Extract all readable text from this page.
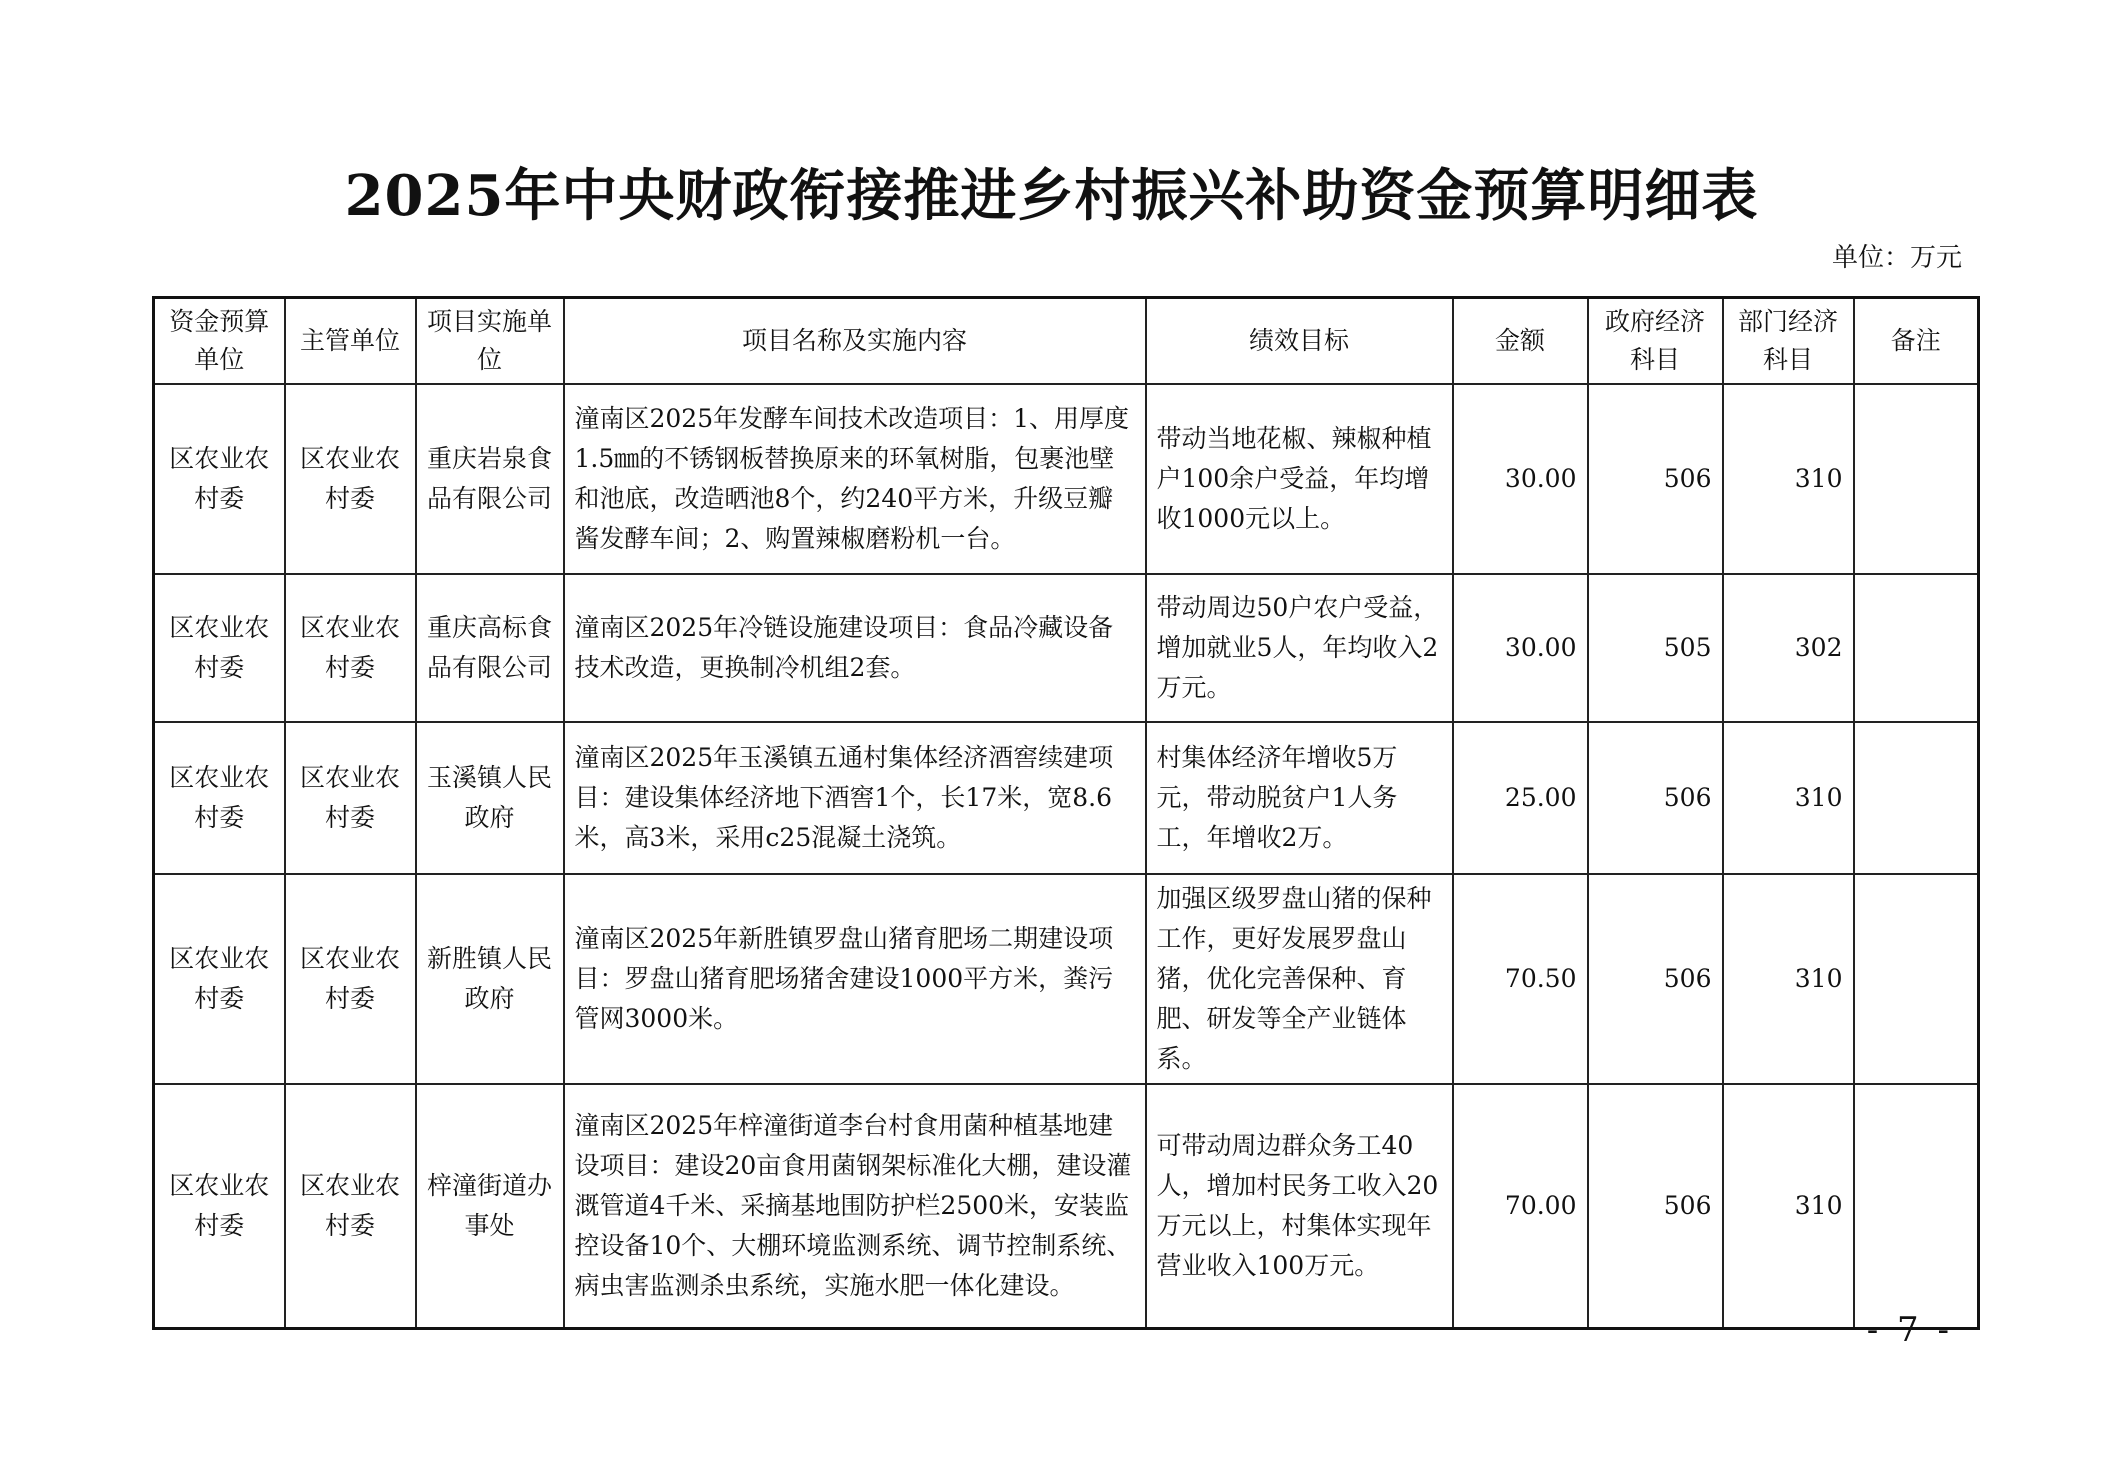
2025年中央财政衔接推进乡村振兴补助资金预算明细表
单位：万元
资金预算单位	主管单位	项目实施单位	项目名称及实施内容	绩效目标	金额	政府经济科目	部门经济科目	备注
区农业农村委	区农业农村委	重庆岩泉食品有限公司	潼南区2025年发酵车间技术改造项目：1、用厚度1.5㎜的不锈钢板替换原来的环氧树脂，包裹池壁和池底，改造晒池8个，约240平方米，升级豆瓣酱发酵车间；2、购置辣椒磨粉机一台。	带动当地花椒、辣椒种植户100余户受益，年均增收1000元以上。	30.00	506	310	
区农业农村委	区农业农村委	重庆高标食品有限公司	潼南区2025年冷链设施建设项目：食品冷藏设备技术改造，更换制冷机组2套。	带动周边50户农户受益，增加就业5人，年均收入2万元。	30.00	505	302	
区农业农村委	区农业农村委	玉溪镇人民政府	潼南区2025年玉溪镇五通村集体经济酒窖续建项目：建设集体经济地下酒窖1个，长17米，宽8.6米，高3米，采用c25混凝土浇筑。	村集体经济年增收5万元，带动脱贫户1人务工，年增收2万。	25.00	506	310	
区农业农村委	区农业农村委	新胜镇人民政府	潼南区2025年新胜镇罗盘山猪育肥场二期建设项目：罗盘山猪育肥场猪舍建设1000平方米，粪污管网3000米。	加强区级罗盘山猪的保种工作，更好发展罗盘山猪，优化完善保种、育肥、研发等全产业链体系。	70.50	506	310	
区农业农村委	区农业农村委	梓潼街道办事处	潼南区2025年梓潼街道李台村食用菌种植基地建设项目：建设20亩食用菌钢架标准化大棚，建设灌溉管道4千米、采摘基地围防护栏2500米，安装监控设备10个、大棚环境监测系统、调节控制系统、病虫害监测杀虫系统，实施水肥一体化建设。	可带动周边群众务工40人，增加村民务工收入20万元以上，村集体实现年营业收入100万元。	70.00	506	310	
- 7 -
